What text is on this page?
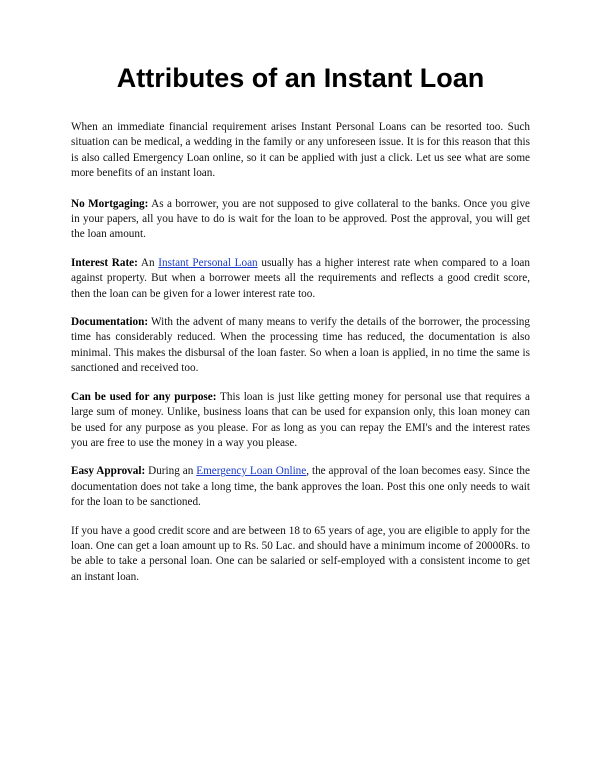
Attributes of an Instant Loan

When an immediate financial requirement arises Instant Personal Loans can be resorted too. Such situation can be medical, a wedding in the family or any unforeseen issue. It is for this reason that this is also called Emergency Loan online, so it can be applied with just a click. Let us see what are some more benefits of an instant loan.

No Mortgaging: As a borrower, you are not supposed to give collateral to the banks. Once you give in your papers, all you have to do is wait for the loan to be approved. Post the approval, you will get the loan amount.

Interest Rate: An Instant Personal Loan usually has a higher interest rate when compared to a loan against property. But when a borrower meets all the requirements and reflects a good credit score, then the loan can be given for a lower interest rate too.

Documentation: With the advent of many means to verify the details of the borrower, the processing time has considerably reduced. When the processing time has reduced, the documentation is also minimal. This makes the disbursal of the loan faster. So when a loan is applied, in no time the same is sanctioned and received too.

Can be used for any purpose: This loan is just like getting money for personal use that requires a large sum of money. Unlike, business loans that can be used for expansion only, this loan money can be used for any purpose as you please. For as long as you can repay the EMI's and the interest rates you are free to use the money in a way you please.

Easy Approval: During an Emergency Loan Online, the approval of the loan becomes easy. Since the documentation does not take a long time, the bank approves the loan. Post this one only needs to wait for the loan to be sanctioned.

If you have a good credit score and are between 18 to 65 years of age, you are eligible to apply for the loan. One can get a loan amount up to Rs. 50 Lac. and should have a minimum income of 20000Rs. to be able to take a personal loan. One can be salaried or self-employed with a consistent income to get an instant loan.
